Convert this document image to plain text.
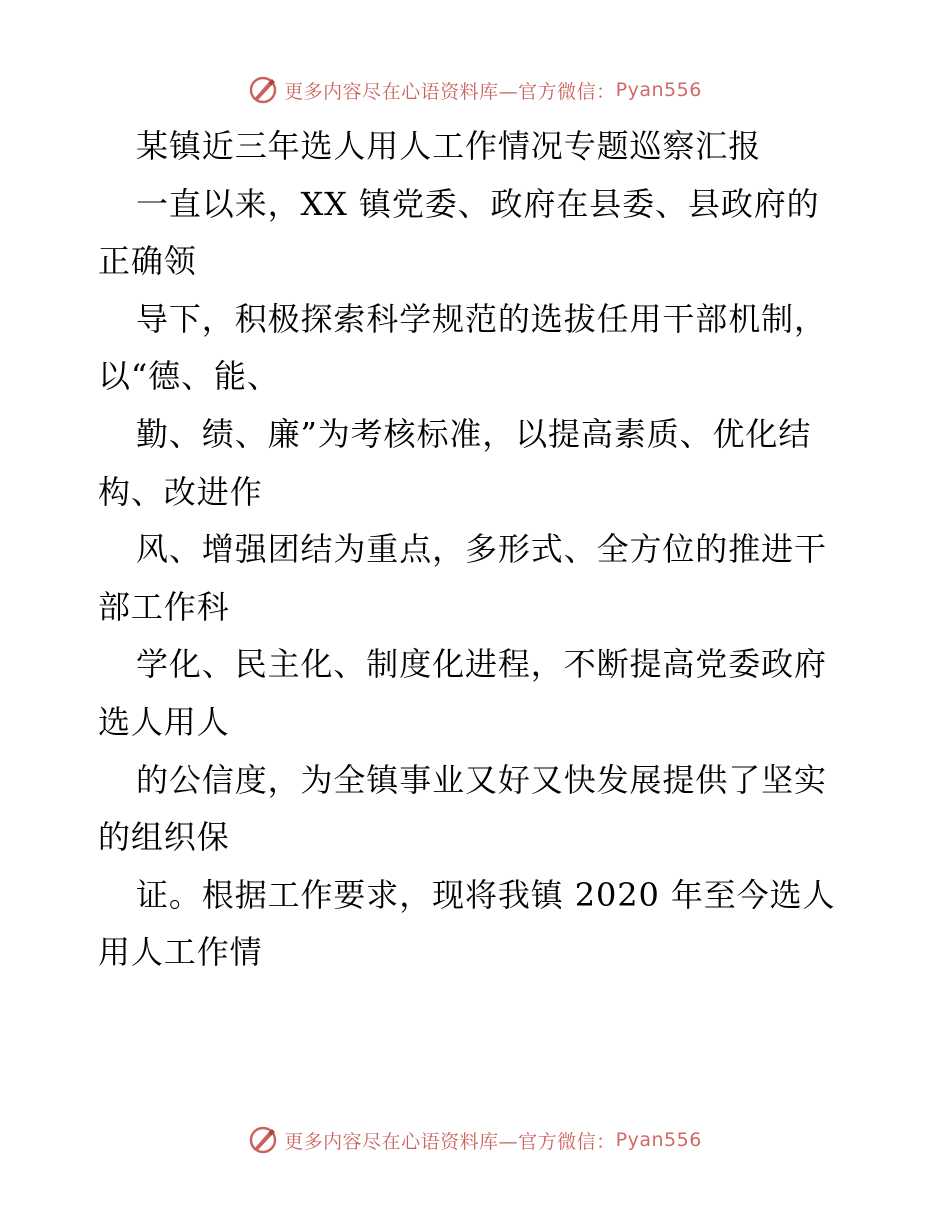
更多内容尽在心语资料库—官方微信： Pyan556
某镇近三年选人用人工作情况专题巡察汇报
一直以来，XX 镇党委、政府在县委、县政府的
正确领
导下，积极探索科学规范的选拔任用干部机制，
以“德、能、
勤、绩、廉”为考核标准，以提高素质、优化结
构、改进作
风、增强团结为重点，多形式、全方位的推进干
部工作科
学化、民主化、制度化进程，不断提高党委政府
选人用人
的公信度，为全镇事业又好又快发展提供了坚实
的组织保
证。根据工作要求，现将我镇 2020 年至今选人
用人工作情
更多内容尽在心语资料库—官方微信： Pyan556
